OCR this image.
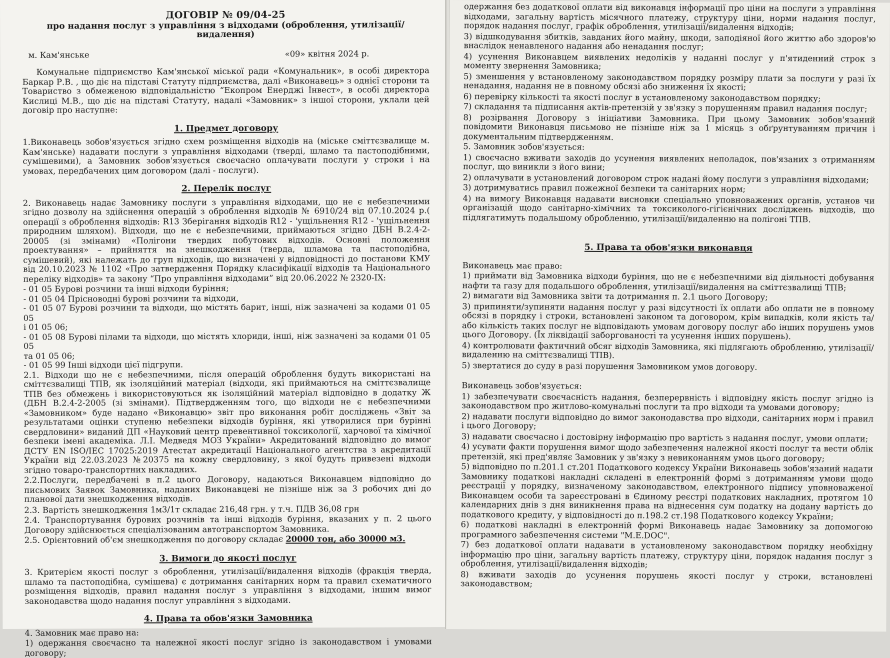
ДОГОВІР № 09/04-25
про надання послуг з управління з відходами (оброблення, утилізації/видалення)
м. Кам'янське	«09» квітня 2024 р.

Комунальне підприємство Кам'янської міської ради «Комунальник», в особі директора Баркар Р.В. , що діє на підставі Статуту підприємства, далі «Виконавець» з однієї сторони та Товариство з обмеженою відповідальністю “Екопром Енерджі Інвест», в особі директора Кислиці М.В., що діє на підставі Статуту, надалі «Замовник» з іншої сторони, уклали цей договір про наступне:

1. Предмет договору

1.Виконавець зобов'язується згідно схем розміщення відходів на (міське сміттєзвалище м. Кам'янське) надавати послуги з управління відходами (тверді, шламо та пастоподібними, сумішевими), а Замовник зобов'язується своєчасно оплачувати послуги у строки і на умовах, передбачених цим договором (далі - послуги).

2. Перелік послуг

2. Виконавець надає Замовнику послуги з управління відходами, що не є небезпечними згідно дозволу на здійснення операцій з оброблення відходів № 6910/24 від 07.10.2024 р.( операції з оброблення відходів: R13 Зберігання відходів R12 - 'ущільнення R12 - 'ущільнення природним шляхом). Відходи, що не є небезпечними, приймаються згідно ДБН В.2.4-2-20005 (зі змінами) «Полігони твердих побутових відходів. Основні положення проектування» – прийняття на знешкодження (тверда, шламова та пастоподібна, сумішевий), які належать до груп відходів, що визначені у відповідності до постанови КМУ від 20.10.2023 № 1102 «Про затвердження Порядку класифікації відходів та Національного переліку відходів» та закону “Про управління відходами” від 20.06.2022 № 2320-IX:

- 01 05 Бурові розчини та інші відходи буріння;

- 01 05 04 Прісноводні бурові розчини та відходи,

- 01 05 07 Бурові розчини та відходи, що містять барит, інші, ніж зазначені за кодами 01 05 05

і 01 05 06;

- 01 05 08 Бурові пілами та відходи, що містять хлориди, інші, ніж зазначені за кодами 01 05 05

та 01 05 06;

- 01 05 99 Інші відходи цієї підгрупи.

2.1. Відходи що не є небезпечними, після операцій оброблення будуть використані на сміттєзвалищі ТПВ, як ізоляційний матеріал (відходи, які приймаються на сміттєзвалище ТПВ без обмежень і використовуються як ізоляційний матеріал відповідно в додатку Ж (ДБН В.2.4-2-2005 (зі змінами). Підтвердженням того, що відходи не є небезпечними «Замовником» буде надано «Виконавцю» звіт про виконання робіт досліджень «Звіт за результатами оцінки ступеню небезпеки відходів буріння, які утворилися при бурінні свердловини» виданий ДП «Науковий центр превентивної токсикології, харчової та хімічної безпеки імені академіка. Л.І. Медведя МОЗ України» Акредитований відповідно до вимог ДСТУ EN ISO/IEC 17025:2019 Атестат акредитації Національного агентства з акредитації України від 22.03.2023 №20375 на кожну свердловину, з якої будуть привезені відходи згідно товаро-транспортних накладних.

2.2.Послуги, передбачені в п.2 цього Договору, надаються Виконавцем відповідно до письмових Заявок Замовника, наданих Виконавцеві не пізніше ніж за 3 робочих дні до планової дати знешкодження відходів.

2.3. Вартість знешкодження 1м3/1т складає 216,48 грн. у т.ч. ПДВ 36,08 грн

2.4. Транспортування бурових розчинів та інші відходів буріння, вказаних у п. 2 цього Договору здійснюється спеціалізованим автотранспортом Замовника.

2.5. Орієнтовний об'єм знешкодження по договору складає 20000 тон, або 30000 м3.

3. Вимоги до якості послуг

3. Критерієм якості послуг з оброблення, утилізації/видалення відходів (фракція тверда, шламо та пастоподібна, сумішева) є дотримання санітарних норм та правил схематичного розміщення відходів, правил надання послуг з управління з відходами, іншим вимог законодавства щодо надання послуг управління з відходами.

4. Права та обов'язки Замовника

4. Замовник має право на:

1) одержання своєчасно та належної якості послуг згідно із законодавством і умовами договору;

одержання без додаткової оплати від виконавця інформації про ціни на послуги з управління відходами, загальну вартість місячного платежу, структуру ціни, норми надання послуг, порядок надання послуг, графік оброблення, утилізації/видалення відходів;

3) відшкодування збитків, завданих його майну, шкоди, заподіяної його життю або здоров'ю внаслідок ненавленого надання або ненадання послуг;

4) усунення Виконавцем виявлених недоліків у наданні послуг у п'ятиденний строк з моменту звернення Замовника;

5) зменшення у встановленому законодавством порядку розміру плати за послуги у разі їх ненадання, надання не в повному обсязі або зниження їх якості;

6) перевірку кількості та якості послуг в установленому законодавством порядку;

7) складання та підписання актів-претензій у зв'язку з порушенням правил надання послуг;

8) розірвання Договору з ініціативи Замовника. При цьому Замовник зобов'язаний повідомити Виконавця письмово не пізніше ніж за 1 місяць з обґрунтуванням причин і документальним підтвердженням.

5. Замовник зобов'язується:

1) своєчасно вживати заходів до усунення виявлених неполадок, пов'язаних з отриманням послуг, що виникли з його вини;

2) оплачувати в установлений договором строк надані йому послуги з управління відходами;

3) дотримуватись правил пожежної безпеки та санітарних норм;

4) на вимогу Виконавця надавати висновки спеціально уповноважених органів, установ чи організацій щодо санітарно-хімічних та токсиколого-гігієнічних досліджень відходів, що підлягатимуть подальшому обробленню, утилізації/видаленню на полігоні ТПВ.

5. Права та обов'язки виконавця

Виконавець має право:

1) приймати від Замовника відходи буріння, що не є небезпечними від діяльності добування нафти та газу для подальшого оброблення, утилізації/видалення на сміттєзвалищі ТПВ;

2) вимагати від Замовника звіти та дотримання п. 2.1 цього Договору;

3) припиняти/зупиняти надання послуг у разі відсутності їх оплати або оплати не в повному обсязі в порядку і строки, встановлені законом та договором, крім випадків, коли якість та/або кількість таких послуг не відповідають умовам договору послуг або інших порушень умов цього Договору. (Їх ліквідації заборгованості та усунення інших порушень).

4) контролювати фактичний обсяг відходів Замовника, які підлягають обробленню, утилізації/видаленню на сміттєзвалищі ТПВ).

5) звертатися до суду в разі порушення Замовником умов договору.

Виконавець зобов'язується:

1) забезпечувати своєчасність надання, безперервність і відповідну якість послуг згідно із законодавством про житлово-комунальні послуги та про відходи та умовами договору;

2) надавати послуги відповідно до вимог законодавства про відходи, санітарних норм і правил і цього Договору;

3) надавати своєчасно і достовірну інформацію про вартість з надання послуг, умови оплати;

4) усувати факти порушення вимог щодо забезпечення належної якості послуг та вести облік претензій, які пред'являє Замовник у зв'язку з невиконанням умов цього договору;

5) відповідно по п.201.1 ст.201 Податкового кодексу України Виконавець зобов'язаний надати Замовнику податкові накладні складені в електронній формі з дотриманням умови щодо реєстрації у порядку, визначеному законодавством, електронного підпису уповноваженої Виконавцем особи та зареєстровані в Єдиному реєстрі податкових накладних, протягом 10 календарних днів з дня виникнення права на віднесення сум податку на додану вартість до податкового кредиту, у відповідності до п.198.2 ст.198 Податкового кодексу України;

6) податкові накладні в електронній формі Виконавець надає Замовнику за допомогою програмного забезпечення системи "М.Е.DОС".

7) без додаткової оплати надавати в установленому законодавством порядку необхідну інформацію про ціни, загальну вартість платежу, структуру ціни, порядок надання послуг з оброблення, утилізації/видалення відходів;

8) вживати заходів до усунення порушень якості послуг у строки, встановлені законодавством;
